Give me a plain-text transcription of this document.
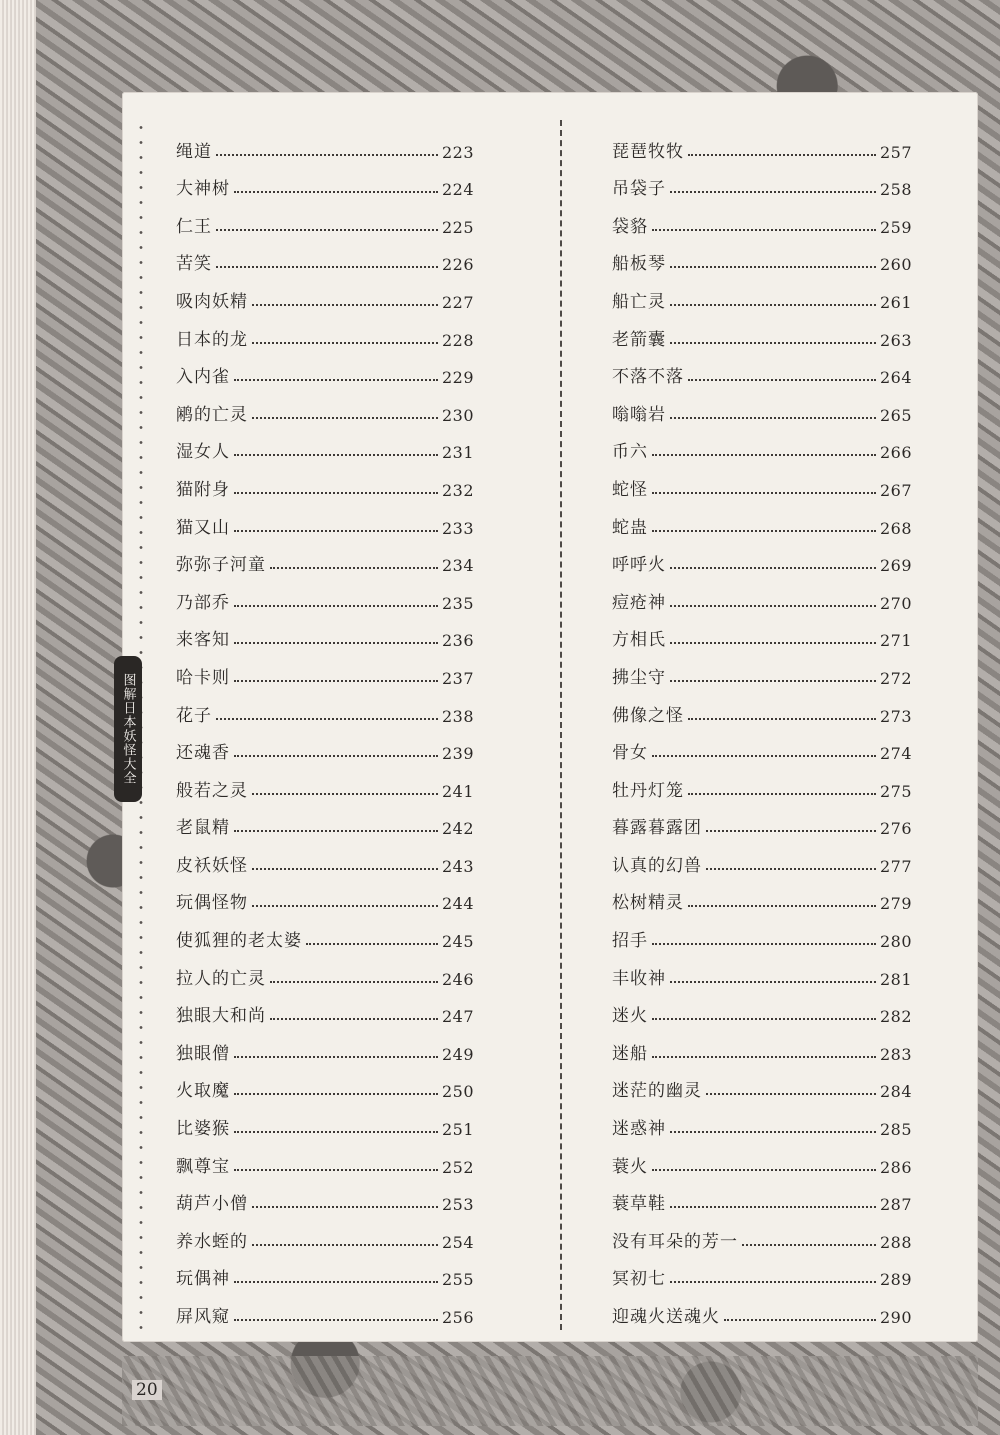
绳道	223
大神树	224
仁王	225
苦笑	226
吸肉妖精	227
日本的龙	228
入内雀	229
鹇的亡灵	230
湿女人	231
猫附身	232
猫又山	233
弥弥子河童	234
乃部乔	235
来客知	236
哈卡则	237
花子	238
还魂香	239
般若之灵	241
老鼠精	242
皮袄妖怪	243
玩偶怪物	244
使狐狸的老太婆	245
拉人的亡灵	246
独眼大和尚	247
独眼僧	249
火取魔	250
比婆猴	251
飘尊宝	252
葫芦小僧	253
养水蛭的	254
玩偶神	255
屏风窥	256
琵琶牧牧	257
吊袋子	258
袋貉	259
船板琴	260
船亡灵	261
老箭囊	263
不落不落	264
嗡嗡岩	265
币六	266
蛇怪	267
蛇蛊	268
呼呼火	269
痘疮神	270
方相氏	271
拂尘守	272
佛像之怪	273
骨女	274
牡丹灯笼	275
暮露暮露团	276
认真的幻兽	277
松树精灵	279
招手	280
丰收神	281
迷火	282
迷船	283
迷茫的幽灵	284
迷惑神	285
蓑火	286
蓑草鞋	287
没有耳朵的芳一	288
冥初七	289
迎魂火送魂火	290
图解日本妖怪大全
20
